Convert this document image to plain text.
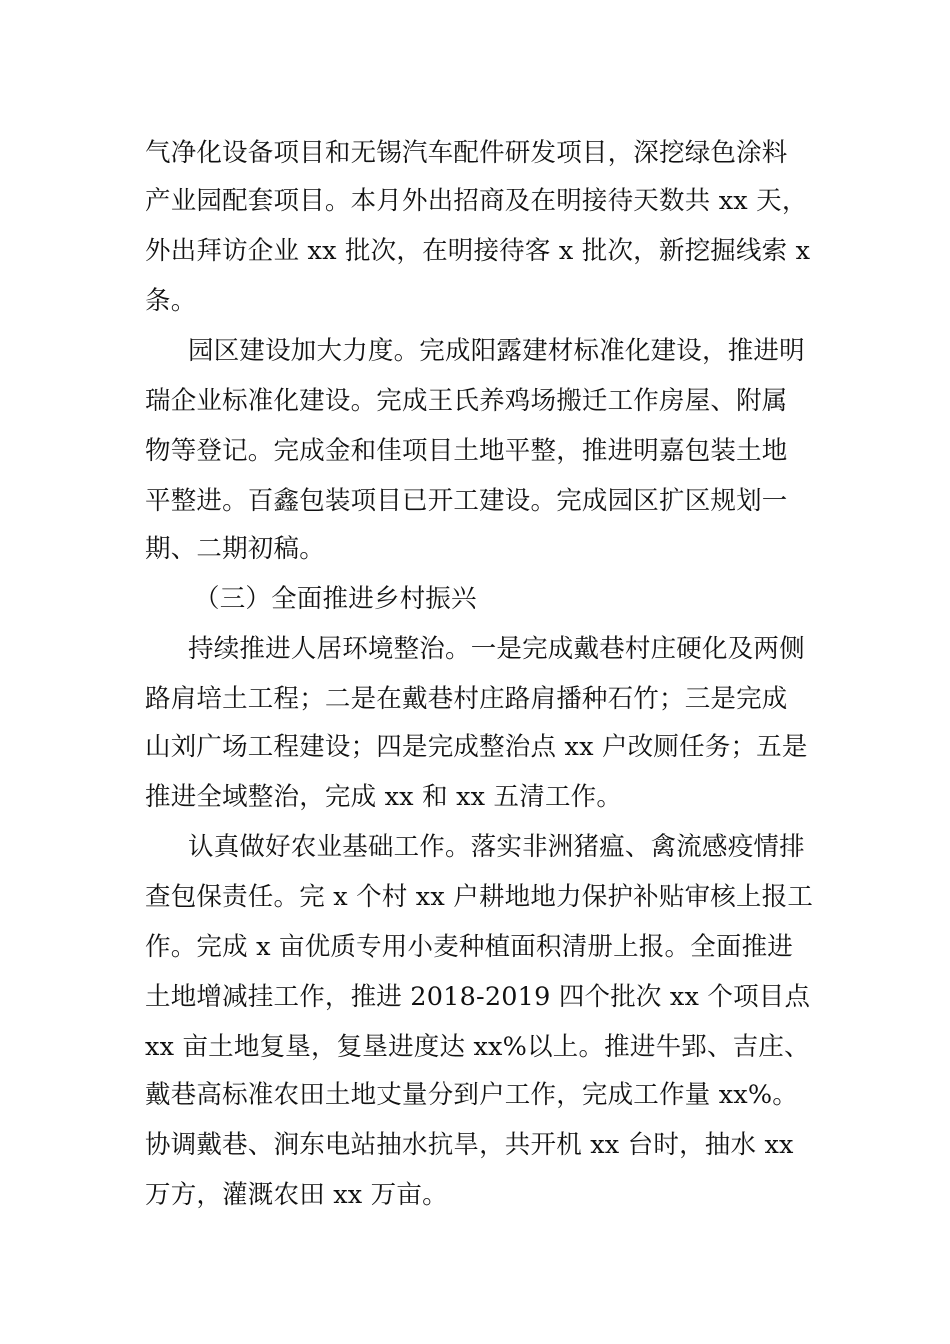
气净化设备项目和无锡汽车配件研发项目，深挖绿色涂料
产业园配套项目。本月外出招商及在明接待天数共 xx 天，
外出拜访企业 xx 批次，在明接待客 x 批次，新挖掘线索 x
条。
园区建设加大力度。完成阳露建材标准化建设，推进明
瑞企业标准化建设。完成王氏养鸡场搬迁工作房屋、附属
物等登记。完成金和佳项目土地平整，推进明嘉包装土地
平整进。百鑫包装项目已开工建设。完成园区扩区规划一
期、二期初稿。
（三）全面推进乡村振兴
持续推进人居环境整治。一是完成戴巷村庄硬化及两侧
路肩培土工程；二是在戴巷村庄路肩播种石竹；三是完成
山刘广场工程建设；四是完成整治点 xx 户改厕任务；五是
推进全域整治，完成 xx 和 xx 五清工作。
认真做好农业基础工作。落实非洲猪瘟、禽流感疫情排
查包保责任。完 x 个村 xx 户耕地地力保护补贴审核上报工
作。完成 x 亩优质专用小麦种植面积清册上报。全面推进
土地增减挂工作，推进 2018-2019 四个批次 xx 个项目点
xx 亩土地复垦，复垦进度达 xx%以上。推进牛郢、吉庄、
戴巷高标准农田土地丈量分到户工作，完成工作量 xx%。
协调戴巷、涧东电站抽水抗旱，共开机 xx 台时，抽水 xx
万方，灌溉农田 xx 万亩。
